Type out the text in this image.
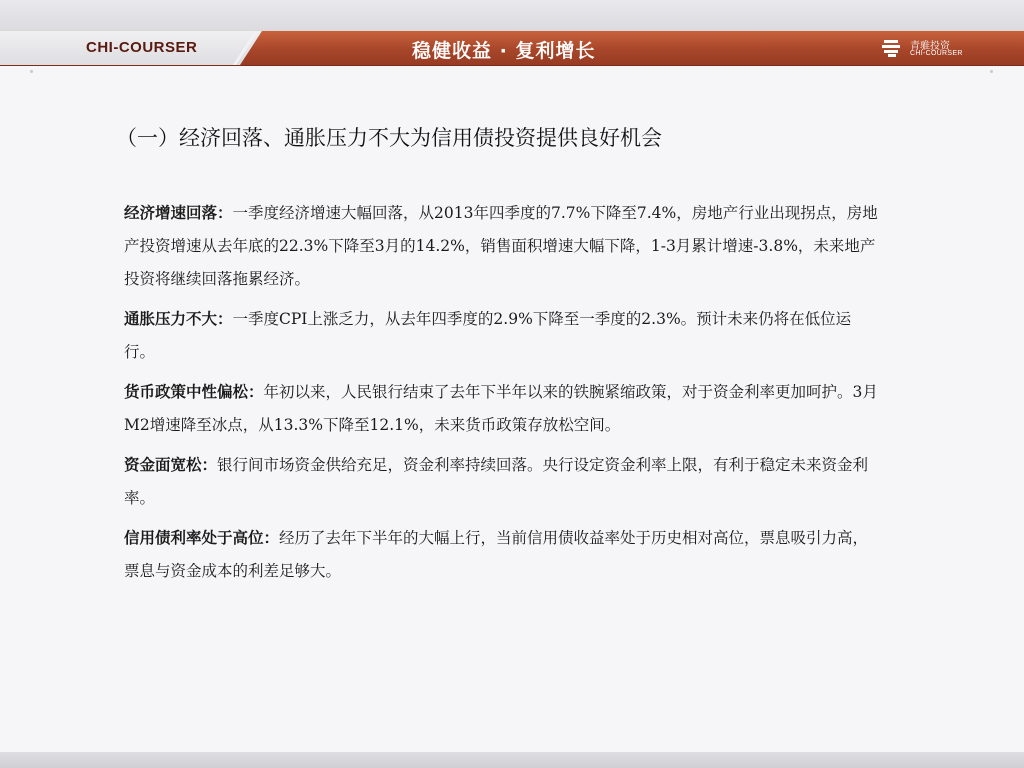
CHI-COURSER	稳健收益 · 复利增长	青骓投资
CHI-COURSER
（一）经济回落、通胀压力不大为信用债投资提供良好机会

经济增速回落：一季度经济增速大幅回落，从2013年四季度的7.7%下降至7.4%，房地产行业出现拐点，房地产投资增速从去年底的22.3%下降至3月的14.2%，销售面积增速大幅下降，1-3月累计增速-3.8%，未来地产投资将继续回落拖累经济。

通胀压力不大：一季度CPI上涨乏力，从去年四季度的2.9%下降至一季度的2.3%。预计未来仍将在低位运行。

货币政策中性偏松：年初以来，人民银行结束了去年下半年以来的铁腕紧缩政策，对于资金利率更加呵护。3月M2增速降至冰点，从13.3%下降至12.1%，未来货币政策存放松空间。

资金面宽松：银行间市场资金供给充足，资金利率持续回落。央行设定资金利率上限，有利于稳定未来资金利率。

信用债利率处于高位：经历了去年下半年的大幅上行，当前信用债收益率处于历史相对高位，票息吸引力高，票息与资金成本的利差足够大。
